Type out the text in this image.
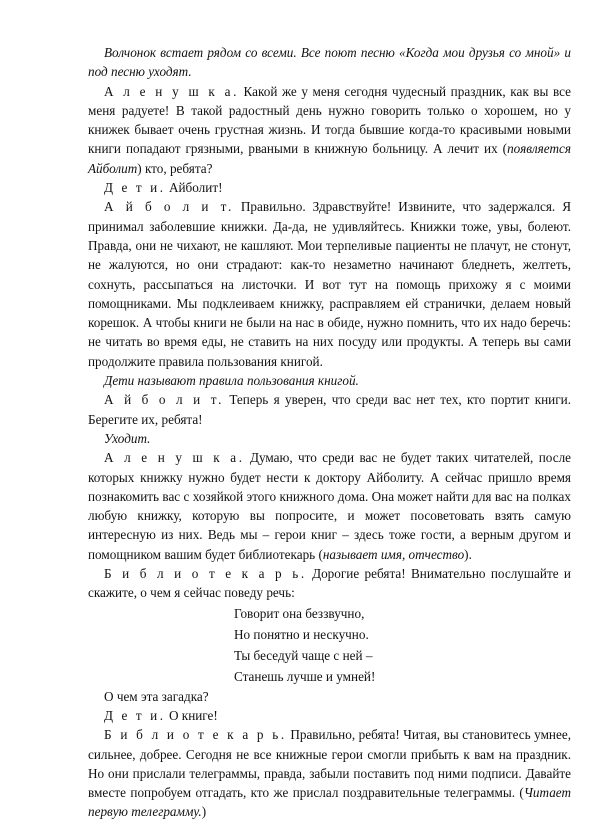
Волчонок встает рядом со всеми. Все поют песню «Когда мои друзья со мной» и под песню уходят.

А л е н у ш к а. Какой же у меня сегодня чудесный праздник, как вы все меня радуете! В такой радостный день нужно говорить только о хорошем, но у книжек бывает очень грустная жизнь. И тогда бывшие когда-то красивыми новыми книги попадают грязными, рваными в книжную больницу. А лечит их (появляется Айболит) кто, ребята?

Д е т и. Айболит!

А й б о л и т. Правильно. Здравствуйте! Извините, что задержался. Я принимал заболевшие книжки. Да-да, не удивляйтесь. Книжки тоже, увы, болеют. Правда, они не чихают, не кашляют. Мои терпеливые пациенты не плачут, не стонут, не жалуются, но они страдают: как-то незаметно начинают бледнеть, желтеть, сохнуть, рассыпаться на листочки. И вот тут на помощь прихожу я с моими помощниками. Мы подклеиваем книжку, расправляем ей странички, делаем новый корешок. А чтобы книги не были на нас в обиде, нужно помнить, что их надо беречь: не читать во время еды, не ставить на них посуду или продукты. А теперь вы сами продолжите правила пользования книгой.

Дети называют правила пользования книгой.

А й б о л и т. Теперь я уверен, что среди вас нет тех, кто портит книги. Берегите их, ребята!

Уходит.

А л е н у ш к а. Думаю, что среди вас не будет таких читателей, после которых книжку нужно будет нести к доктору Айболиту. А сейчас пришло время познакомить вас с хозяйкой этого книжного дома. Она может найти для вас на полках любую книжку, которую вы попросите, и может посоветовать взять самую интересную из них. Ведь мы – герои книг – здесь тоже гости, а верным другом и помощником вашим будет библиотекарь (называет имя, отчество).

Б и б л и о т е к а р ь. Дорогие ребята! Внимательно послушайте и скажите, о чем я сейчас поведу речь:

Говорит она беззвучно,
Но понятно и нескучно.
Ты беседуй чаще с ней –
Станешь лучше и умней!

О чем эта загадка?

Д е т и. О книге!

Б и б л и о т е к а р ь. Правильно, ребята! Читая, вы становитесь умнее, сильнее, добрее. Сегодня не все книжные герои смогли прибыть к вам на праздник. Но они прислали телеграммы, правда, забыли поставить под ними подписи. Давайте вместе попробуем отгадать, кто же прислал поздравительные телеграммы. (Читает первую телеграмму.)
